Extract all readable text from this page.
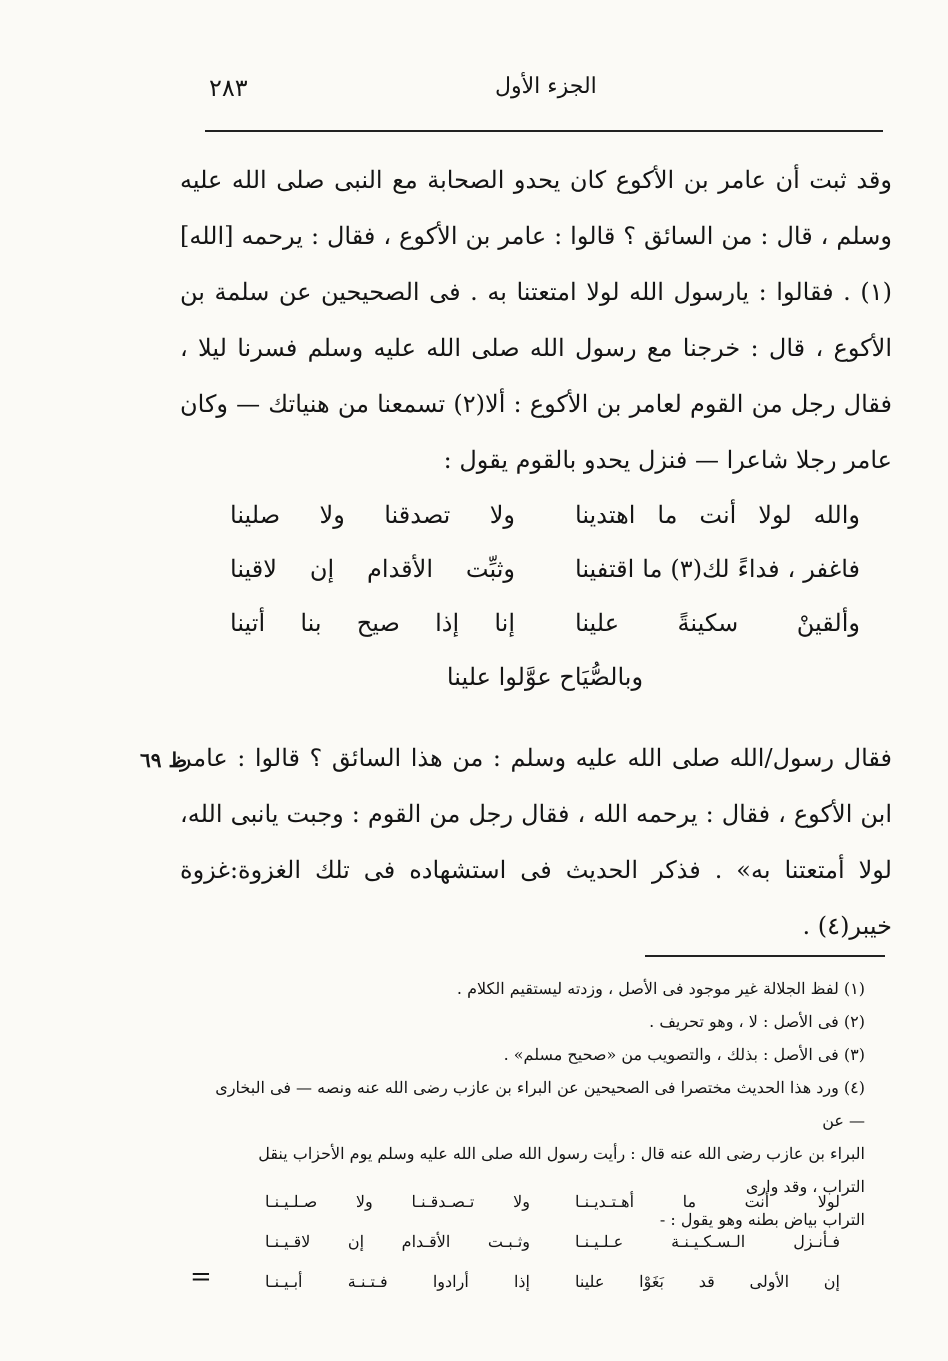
٢٨٣	الجزء الأول

وقد ثبت أن عامر بن الأكوع كان يحدو الصحابة مع النبى صلى الله عليه وسلم ، قال : من السائق ؟ قالوا : عامر بن الأكوع ، فقال : يرحمه [الله](١) . فقالوا : يارسول الله لولا امتعتنا به . فى الصحيحين عن سلمة بن الأكوع ، قال : خرجنا مع رسول الله صلى الله عليه وسلم فسرنا ليلا ، فقال رجل من القوم لعامر بن الأكوع : ألا(٢) تسمعنا من هنياتك — وكان عامر رجلا شاعرا — فنزل يحدو بالقوم يقول :

والله لولا أنت ما اهتدينا
ولا تصدقنا ولا صلينا
فاغفر ، فداءً لك(٣) ما اقتفينا
وثبِّت الأقدام إن لاقينا
وألقينْ سكينةً علينا
إنا إذا صيح بنا أتينا
وبالصُّيَاح عوَّلوا علينا

فقال رسول/الله صلى الله عليه وسلم : من هذا السائق ؟ قالوا : عامر ابن الأكوع ، فقال : يرحمه الله ، فقال رجل من القوم : وجبت يانبى الله، لولا أمتعتنا به» . فذكر الحديث فى استشهاده فى تلك الغزوة:غزوة خيبر(٤) .

ظ ٦٩

(١) لفظ الجلالة غير موجود فى الأصل ، وزدته ليستقيم الكلام .

(٢) فى الأصل : لا ، وهو تحريف .

(٣) فى الأصل : بذلك ، والتصويب من «صحيح مسلم» .

(٤) ورد هذا الحديث مختصرا فى الصحيحين عن البراء بن عازب رضى الله عنه ونصه — فى البخارى — عن

البراء بن عازب رضى الله عنه قال : رأيت رسول الله صلى الله عليه وسلم يوم الأحزاب ينقل التراب ، وقد وارى

التراب بياض بطنه وهو يقول : -

لولا أنت ما أهـتـديـنـا
ولا تـصـدقـنـا ولا صـلـيـنـا
فـأنـزل الـسـكـيـنـة عـلـيـنـا
وثـبـت الأقـدام إن لاقـيـنـا
إن الأولى قد بَغَوْا علينا
إذا أرادوا فـتـنـة أبـيـنـا
=
